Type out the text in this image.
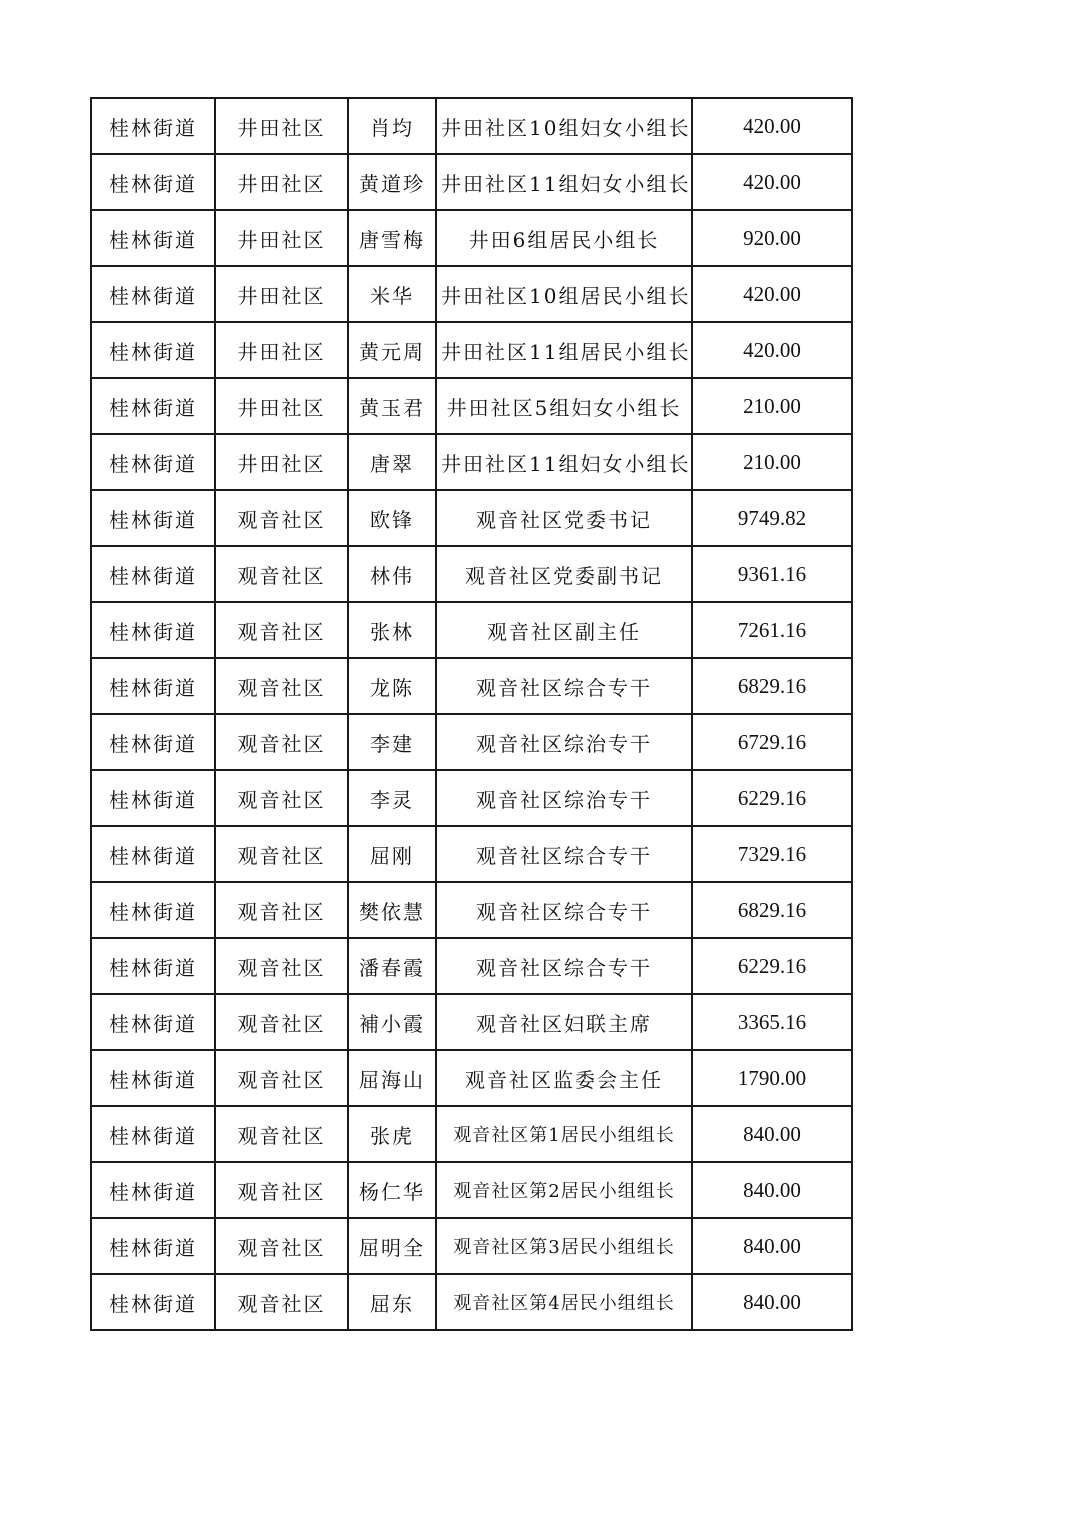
桂林街道	井田社区	肖均	井田社区10组妇女小组长	420.00
桂林街道	井田社区	黄道珍	井田社区11组妇女小组长	420.00
桂林街道	井田社区	唐雪梅	井田6组居民小组长	920.00
桂林街道	井田社区	米华	井田社区10组居民小组长	420.00
桂林街道	井田社区	黄元周	井田社区11组居民小组长	420.00
桂林街道	井田社区	黄玉君	井田社区5组妇女小组长	210.00
桂林街道	井田社区	唐翠	井田社区11组妇女小组长	210.00
桂林街道	观音社区	欧锋	观音社区党委书记	9749.82
桂林街道	观音社区	林伟	观音社区党委副书记	9361.16
桂林街道	观音社区	张林	观音社区副主任	7261.16
桂林街道	观音社区	龙陈	观音社区综合专干	6829.16
桂林街道	观音社区	李建	观音社区综治专干	6729.16
桂林街道	观音社区	李灵	观音社区综治专干	6229.16
桂林街道	观音社区	屈刚	观音社区综合专干	7329.16
桂林街道	观音社区	樊依慧	观音社区综合专干	6829.16
桂林街道	观音社区	潘春霞	观音社区综合专干	6229.16
桂林街道	观音社区	補小霞	观音社区妇联主席	3365.16
桂林街道	观音社区	屈海山	观音社区监委会主任	1790.00
桂林街道	观音社区	张虎	观音社区第1居民小组组长	840.00
桂林街道	观音社区	杨仁华	观音社区第2居民小组组长	840.00
桂林街道	观音社区	屈明全	观音社区第3居民小组组长	840.00
桂林街道	观音社区	屈东	观音社区第4居民小组组长	840.00
